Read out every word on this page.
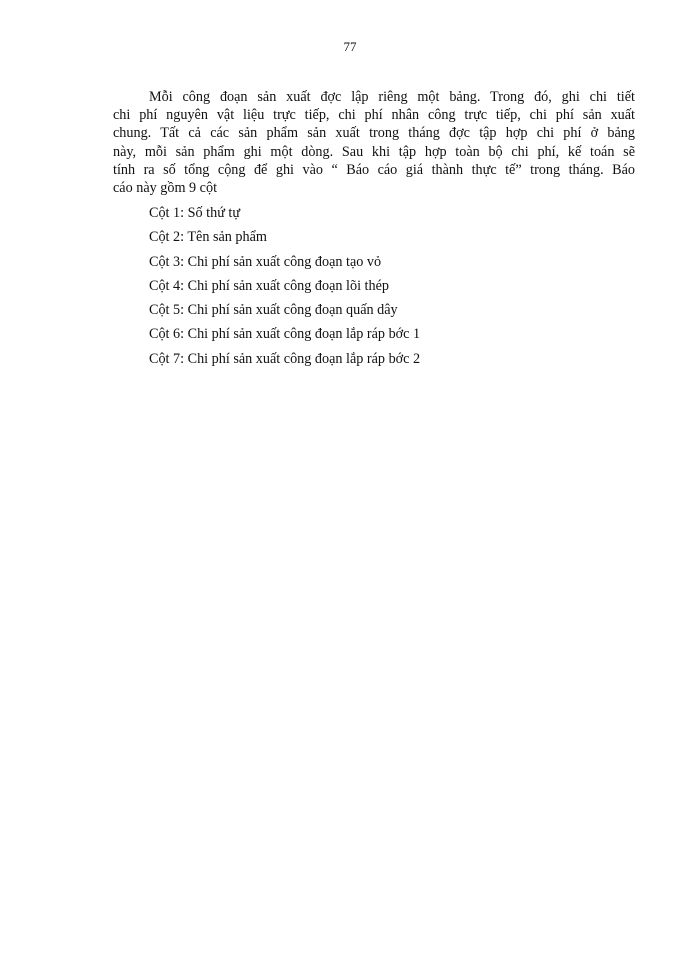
77

Mỗi công đoạn sản xuất đợc lập riêng một bảng. Trong đó, ghi chi tiết
chi phí nguyên vật liệu trực tiếp, chi phí nhân công trực tiếp, chi phí sản xuất
chung. Tất cả các sản phẩm sản xuất trong tháng đợc tập hợp chi phí ở bảng
này, mỗi sản phẩm ghi một dòng. Sau khi tập hợp toàn bộ chi phí, kế toán sẽ
tính ra số tổng cộng để ghi vào “ Báo cáo giá thành thực tế” trong tháng. Báo
cáo này gồm 9 cột

Cột 1: Số thứ tự
Cột 2: Tên sản phẩm
Cột 3: Chi phí sản xuất công đoạn tạo vỏ
Cột 4: Chi phí sản xuất công đoạn lõi thép
Cột 5: Chi phí sản xuất công đoạn quấn dây
Cột 6: Chi phí sản xuất công đoạn lắp ráp bớc 1
Cột 7: Chi phí sản xuất công đoạn lắp ráp bớc 2
